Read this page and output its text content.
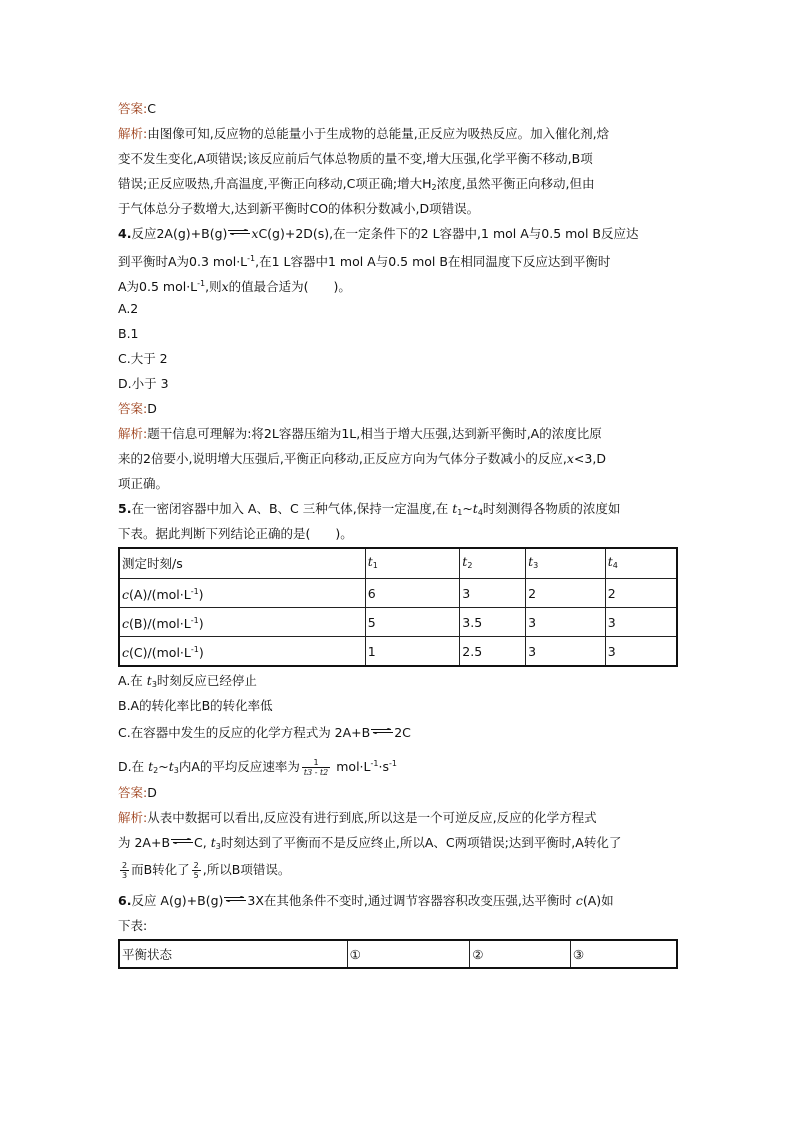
答案:C
解析:由图像可知,反应物的总能量小于生成物的总能量,正反应为吸热反应。加入催化剂,焓
变不发生变化,A项错误;该反应前后气体总物质的量不变,增大压强,化学平衡不移动,B项
错误;正反应吸热,升高温度,平衡正向移动,C项正确;增大$H_2$浓度,虽然平衡正向移动,但由
于气体总分子数增大,达到新平衡时CO的体积分数减小,D项错误。
4.反应2A(g)+B(g)⇌xC(g)+2D(s),在一定条件下的2 L容器中,1 mol A与0.5 mol B反应达
到平衡时A为0.3 $mol\cdot L^{-1}$,在1 L容器中1 mol A与0.5 mol B在相同温度下反应达到平衡时
A为0.5 $mol\cdot L^{-1}$,则x的值最合适为(　　)。
A.2
B.1
C.大于 2
D.小于 3
答案:D
解析:题干信息可理解为:将2L容器压缩为1L,相当于增大压强,达到新平衡时,A的浓度比原
来的2倍要小,说明增大压强后,平衡正向移动,正反应方向为气体分子数减小的反应,x<3,D
项正确。
5.在一密闭容器中加入 A、B、C 三种气体,保持一定温度,在 $t_1\sim t_4$时刻测得各物质的浓度如
下表。据此判断下列结论正确的是(　　)。
测定时刻/s	$t_1$	$t_2$	$t_3$	$t_4$
$c(A)/(mol\cdot L^{-1})$	6	3	2	2
$c(B)/(mol\cdot L^{-1})$	5	3.5	3	3
$c(C)/(mol\cdot L^{-1})$	1	2.5	3	3
A.在 $t_3$时刻反应已经停止
B.A的转化率比B的转化率低
C.在容器中发生的反应的化学方程式为 2A+B⇌2C
D.在 $t_2\sim t_3$内A的平均反应速率为 $\frac{1}{t3 - t2} mol\cdot L^{-1}\cdot s^{-1}$
答案:D
解析:从表中数据可以看出,反应没有进行到底,所以这是一个可逆反应,反应的化学方程式
为 2A+B⇌C, $t_3$时刻达到了平衡而不是反应终止,所以A、C两项错误;达到平衡时,A转化了
$\frac{2}{3}$ 而B转化了 $\frac{2}{5}$ ,所以B项错误。
6.反应 A(g)+B(g)⇌3X在其他条件不变时,通过调节容器容积改变压强,达平衡时 c(A)如
下表:
平衡状态	①	②	③
